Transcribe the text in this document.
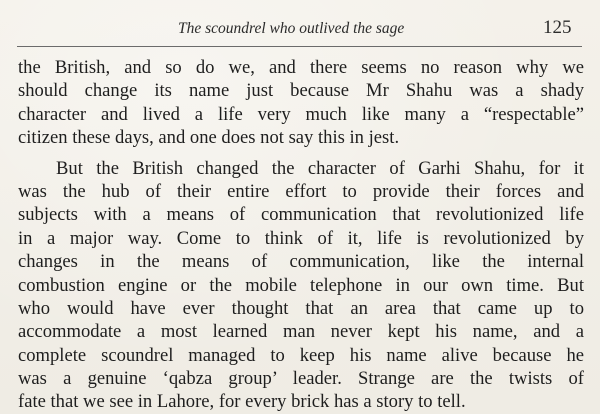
The scoundrel who outlived the sage	125
the British, and so do we, and there seems no reason why we
should change its name just because Mr Shahu was a shady
character and lived a life very much like many a “respectable”
citizen these days, and one does not say this in jest.
But the British changed the character of Garhi Shahu, for it
was the hub of their entire effort to provide their forces and
subjects with a means of communication that revolutionized life
in a major way. Come to think of it, life is revolutionized by
changes in the means of communication, like the internal
combustion engine or the mobile telephone in our own time. But
who would have ever thought that an area that came up to
accommodate a most learned man never kept his name, and a
complete scoundrel managed to keep his name alive because he
was a genuine ‘qabza group’ leader. Strange are the twists of
fate that we see in Lahore, for every brick has a story to tell.
